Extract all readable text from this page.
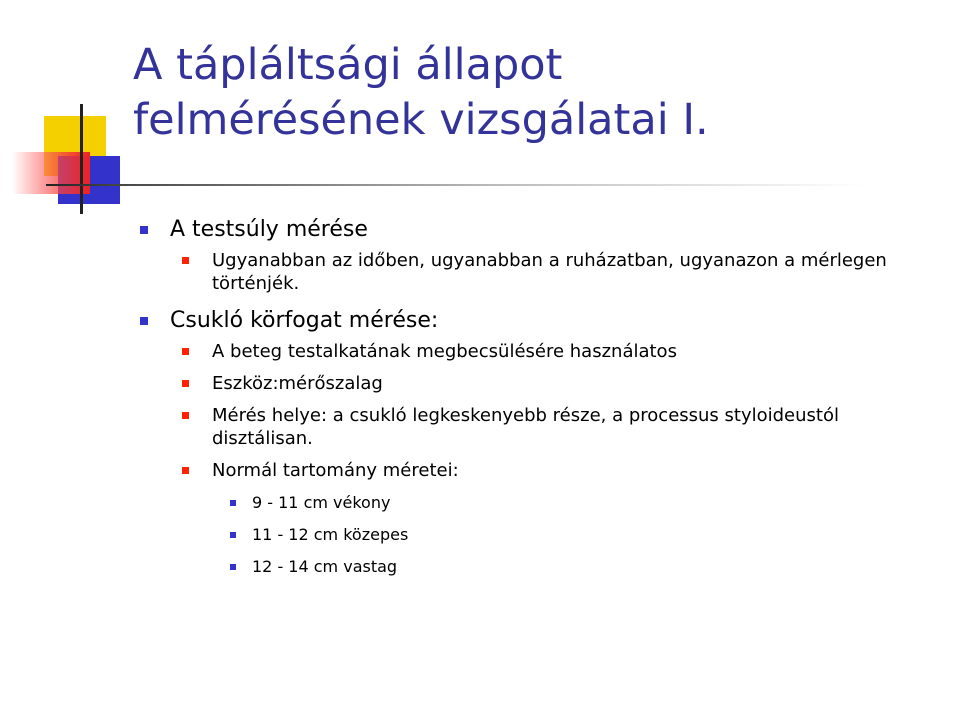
A tápláltsági állapot
felmérésének vizsgálatai I.
A testsúly mérése
Ugyanabban az időben, ugyanabban a ruházatban, ugyanazon a mérlegen történjék.
Csukló körfogat mérése:
A beteg testalkatának megbecsülésére használatos
Eszköz:mérőszalag
Mérés helye: a csukló legkeskenyebb része, a processus styloideustól disztálisan.
Normál tartomány méretei:
9 - 11 cm vékony
11 - 12 cm közepes
12 - 14 cm vastag
